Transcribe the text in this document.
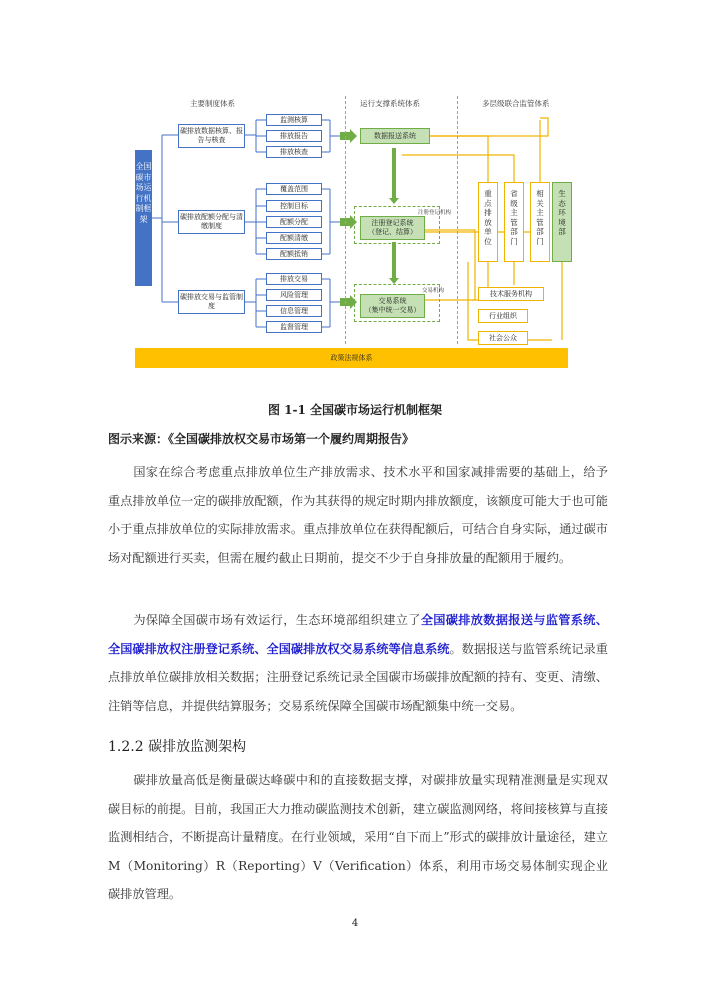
主要制度体系	运行支撑系统体系	多层级联合监管体系
全国碳市场运行机制框架
碳排放数据核算、报告与核查
碳排放配额分配与清缴制度
碳排放交易与监管制度
监测核算
排放报告
排放核查
覆盖范围
控制目标
配额分配
配额清缴
配额抵销
排放交易
风险管理
信息管理
监督管理
数据报送系统
注册登记机构
注册登记系统
（登记、结算）
交易机构
交易系统
（集中统一交易）
重点排放单位
省级主管部门
相关主管部门
生态环境部
技术服务机构
行业组织
社会公众
政策法规体系
图 1-1 全国碳市场运行机制框架
图示来源：《全国碳排放权交易市场第一个履约周期报告》
国家在综合考虑重点排放单位生产排放需求、技术水平和国家减排需要的基础上，给予重点排放单位一定的碳排放配额，作为其获得的规定时期内排放额度，该额度可能大于也可能小于重点排放单位的实际排放需求。重点排放单位在获得配额后，可结合自身实际，通过碳市场对配额进行买卖，但需在履约截止日期前，提交不少于自身排放量的配额用于履约。
为保障全国碳市场有效运行，生态环境部组织建立了全国碳排放数据报送与监管系统、全国碳排放权注册登记系统、全国碳排放权交易系统等信息系统。数据报送与监管系统记录重点排放单位碳排放相关数据；注册登记系统记录全国碳市场碳排放配额的持有、变更、清缴、注销等信息，并提供结算服务；交易系统保障全国碳市场配额集中统一交易。
1.2.2 碳排放监测架构
碳排放量高低是衡量碳达峰碳中和的直接数据支撑，对碳排放量实现精准测量是实现双碳目标的前提。目前，我国正大力推动碳监测技术创新，建立碳监测网络，将间接核算与直接监测相结合，不断提高计量精度。在行业领域，采用“自下而上”形式的碳排放计量途径，建立 M（Monitoring）R（Reporting）V（Verification）体系，利用市场交易体制实现企业碳排放管理。
4
